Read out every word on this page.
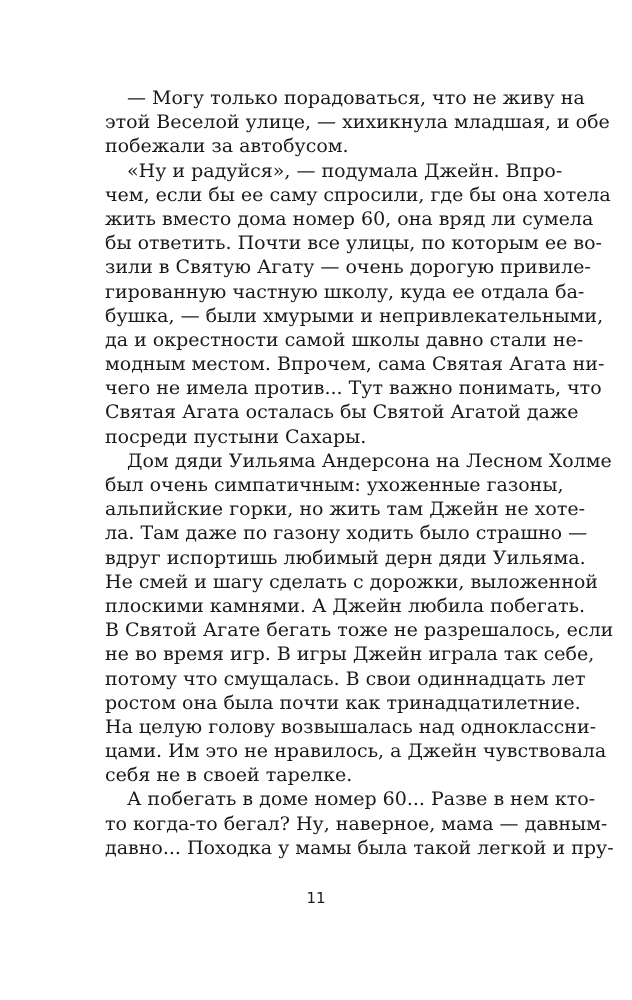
— Могу только порадоваться, что не живу на
этой Веселой улице, — хихикнула младшая, и обе
побежали за автобусом.
«Ну и радуйся», — подумала Джейн. Впро-
чем, если бы ее саму спросили, где бы она хотела
жить вместо дома номер 60, она вряд ли сумела
бы ответить. Почти все улицы, по которым ее во-
зили в Святую Агату — очень дорогую привиле-
гированную частную школу, куда ее отдала ба-
бушка, — были хмурыми и непривлекательными,
да и окрестности самой школы давно стали не-
модным местом. Впрочем, сама Святая Агата ни-
чего не имела против... Тут важно понимать, что
Святая Агата осталась бы Святой Агатой даже
посреди пустыни Сахары.
Дом дяди Уильяма Андерсона на Лесном Холме
был очень симпатичным: ухоженные газоны,
альпийские горки, но жить там Джейн не хоте-
ла. Там даже по газону ходить было страшно —
вдруг испортишь любимый дерн дяди Уильяма.
Не смей и шагу сделать с дорожки, выложенной
плоскими камнями. А Джейн любила побегать.
В Святой Агате бегать тоже не разрешалось, если
не во время игр. В игры Джейн играла так себе,
потому что смущалась. В свои одиннадцать лет
ростом она была почти как тринадцатилетние.
На целую голову возвышалась над одноклассни-
цами. Им это не нравилось, а Джейн чувствовала
себя не в своей тарелке.
А побегать в доме номер 60... Разве в нем кто-
то когда-то бегал? Ну, наверное, мама — давным-
давно... Походка у мамы была такой легкой и пру-
11
